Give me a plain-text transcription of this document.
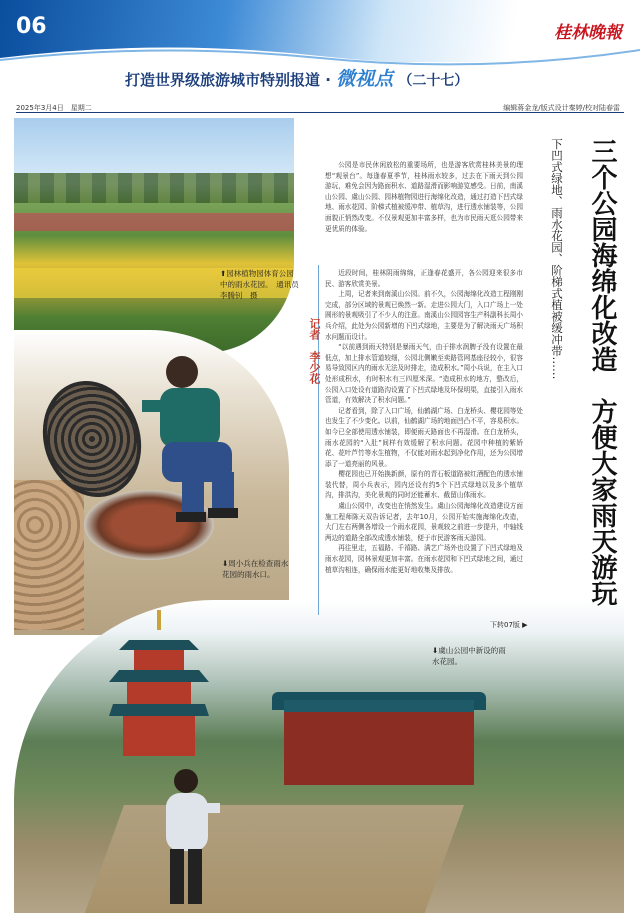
06	桂林晚報
打造世界级旅游城市特别报道 · 微视点 （二十七）
2025年3月4日　星期二	编辑蒋金龙/版式设计秦婷/校对陆春雷
⬆园林植物园体育公园中的雨水花园。　通讯员李腾钊　摄
⬇周小兵在检查雨水花园的雨水口。
⬇虞山公园中新设的雨水花园。
三个公园海绵化改造　方便大家雨天游玩
下凹式绿地、雨水花园、阶梯式植被缓冲带……

公园是市民休闲放松的重要场所，也是游客欣赏桂林美景的理想“观景台”。每逢春夏季节，桂林雨水较多，过去在下雨天到公园游玩，难免会因为路面积水、道路湿滑而影响游览感受。日前，南溪山公园、虞山公园、园林植物园进行海绵化改造，通过打造下凹式绿地、雨水花园、阶梯式植被缓冲带、植草沟，进行透水铺装等，公园面貌正悄然改变。不仅景观更加丰富多样，也为市民雨天逛公园带来更优质的体验。

记者　李少花

近段时间，桂林阴雨绵绵，正逢春花盛开，各公园迎来很多市民、游客欣赏美景。

上周，记者来到南溪山公园。前不久，公园海绵化改造工程刚刚完成，部分区域的景观已焕然一新。走进公园大门，入口广场上一处圆形的景观吸引了不少人的注意。南溪山公园园容生产科副科长周小兵介绍，此处为公园新增的下凹式绿地，主要是为了解决雨天广场积水问题而设计。

“以前遇到雨天特别是暴雨天气，由于排水润脾子没有设置在最低点，加上排水管道较细，公园北侧嫩至卖路管网基座径较小，很容易导致园区内的雨水无法及时排走，造成积水。”周小兵说，在主入口处形成积水，有时积水有三四厘米深。“造成积水的地方，整改后，公园入口处设有道路沟设置了下凹式绿地及环保明渠，直接引入雨水管道，有效解决了积水问题。”

记者看到，除了入口广场，仙鹤湖广场、白龙桥头、樱花园等处也发生了不少变化。以前，仙鹤湖广场的地面凹凸不平，容易积水。如今已全部使用透水铺装，即便雨天路面也不再湿滑。在白龙桥头，雨水花园的“入肚”间样有效缓解了积水问题。花园中种植的紫娇花、花叶芦竹等水生植物，不仅能对雨水起到净化作用，还为公园增添了一道亮丽的风景。

樱花园也已开始换新颜，原有的青石板道路被红酒配色的透水铺装代替，周小兵表示，园内还设有约5个下凹式绿地以及多个植草沟，排洪沟，美化景观的同时还能蓄水、截留山体雨水。

虞山公园中，改变也在悄然发生。虞山公园海绵化改造建设方面施工程师陈天双告诉记者，去年10月，公园开始实施海绵化改造，大门左右两侧各增设一个雨水花园，景观较之前进一步提升，中轴线两边的道路全部改成透水铺装，便于市民游客雨天游园。

再往里走，五福路、千禧路、满艺广场外也设置了下凹式绿地及雨水花园，园林景观更加丰富。在雨水花园和下凹式绿地之间，通过植草沟相连，确保雨水能更好地收集及排放。

下转07版 ▶
